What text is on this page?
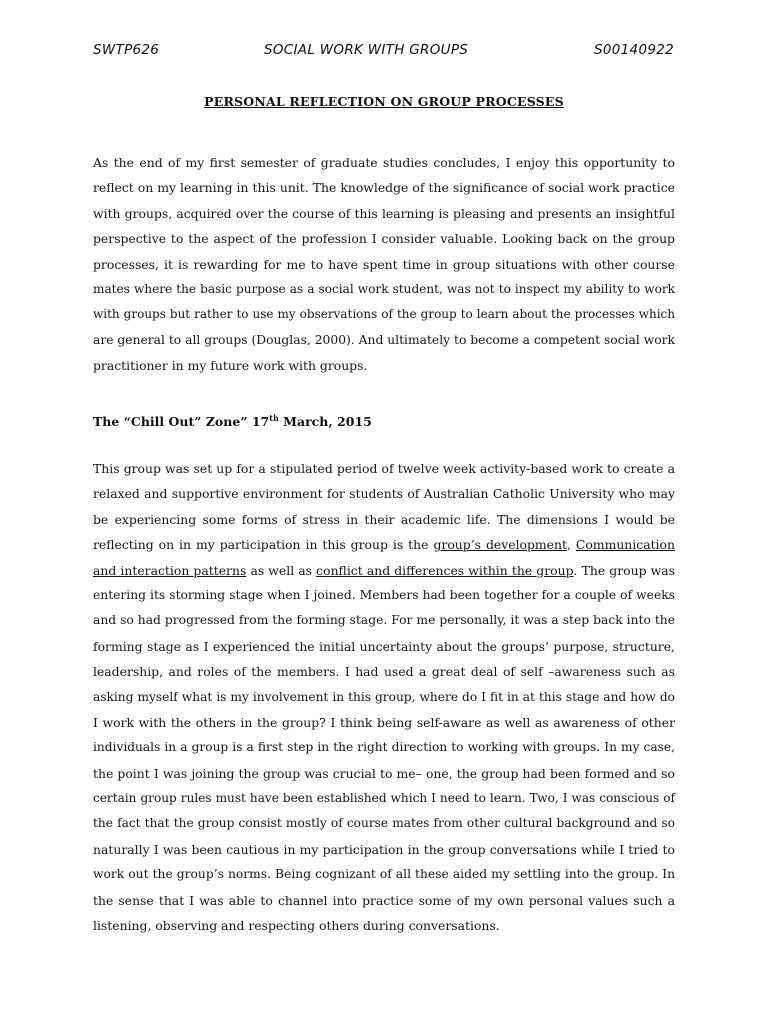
SWTP626	SOCIAL WORK WITH GROUPS	S00140922
PERSONAL REFLECTION ON GROUP PROCESSES
As the end of my first semester of graduate studies concludes, I enjoy this opportunity to
reflect on my learning in this unit. The knowledge of the significance of social work practice
with groups, acquired over the course of this learning is pleasing and presents an insightful
perspective to the aspect of the profession I consider valuable. Looking back on the group
processes, it is rewarding for me to have spent time in group situations with other course
mates where the basic purpose as a social work student, was not to inspect my ability to work
with groups but rather to use my observations of the group to learn about the processes which
are general to all groups (Douglas, 2000). And ultimately to become a competent social work
practitioner in my future work with groups.
The “Chill Out” Zone” 17th March, 2015
This group was set up for a stipulated period of twelve week activity-based work to create a
relaxed and supportive environment for students of Australian Catholic University who may
be experiencing some forms of stress in their academic life. The dimensions I would be
reflecting on in my participation in this group is the group’s development, Communication
and interaction patterns as well as conflict and differences within the group. The group was
entering its storming stage when I joined. Members had been together for a couple of weeks
and so had progressed from the forming stage. For me personally, it was a step back into the
forming stage as I experienced the initial uncertainty about the groups’ purpose, structure,
leadership, and roles of the members. I had used a great deal of self –awareness such as
asking myself what is my involvement in this group, where do I fit in at this stage and how do
I work with the others in the group? I think being self-aware as well as awareness of other
individuals in a group is a first step in the right direction to working with groups. In my case,
the point I was joining the group was crucial to me– one, the group had been formed and so
certain group rules must have been established which I need to learn. Two, I was conscious of
the fact that the group consist mostly of course mates from other cultural background and so
naturally I was been cautious in my participation in the group conversations while I tried to
work out the group’s norms. Being cognizant of all these aided my settling into the group. In
the sense that I was able to channel into practice some of my own personal values such a
listening, observing and respecting others during conversations.
